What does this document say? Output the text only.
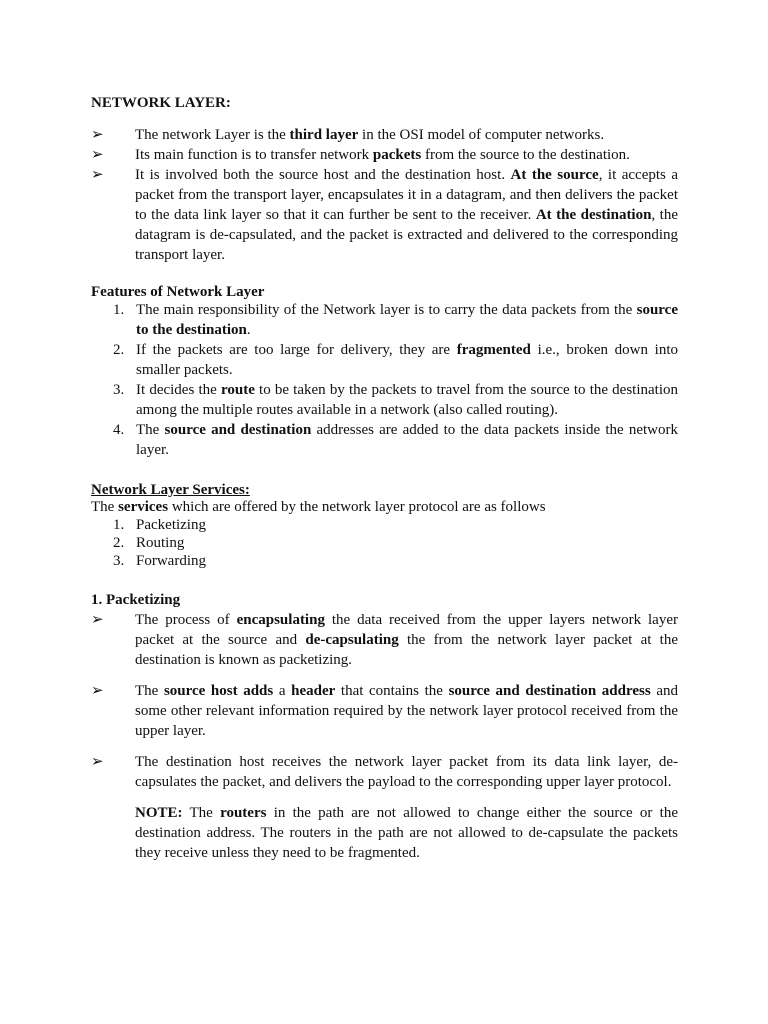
NETWORK LAYER:
➢	The network Layer is the third layer in the OSI model of computer networks.
➢	Its main function is to transfer network packets from the source to the destination.
➢	It is involved both the source host and the destination host. At the source, it accepts a packet from the transport layer, encapsulates it in a datagram, and then delivers the packet to the data link layer so that it can further be sent to the receiver. At the destination, the datagram is de-capsulated, and the packet is extracted and delivered to the corresponding transport layer.
Features of Network Layer
1. The main responsibility of the Network layer is to carry the data packets from the source to the destination.
2. If the packets are too large for delivery, they are fragmented i.e., broken down into smaller packets.
3. It decides the route to be taken by the packets to travel from the source to the destination among the multiple routes available in a network (also called routing).
4. The source and destination addresses are added to the data packets inside the network layer.
Network Layer Services:
The services which are offered by the network layer protocol are as follows
1. Packetizing
2. Routing
3. Forwarding
1. Packetizing
➢	The process of encapsulating the data received from the upper layers network layer packet at the source and de-capsulating the from the network layer packet at the destination is known as packetizing.
➢	The source host adds a header that contains the source and destination address and some other relevant information required by the network layer protocol received from the upper layer.
➢	The destination host receives the network layer packet from its data link layer, de-capsulates the packet, and delivers the payload to the corresponding upper layer protocol.
NOTE: The routers in the path are not allowed to change either the source or the destination address. The routers in the path are not allowed to de-capsulate the packets they receive unless they need to be fragmented.
